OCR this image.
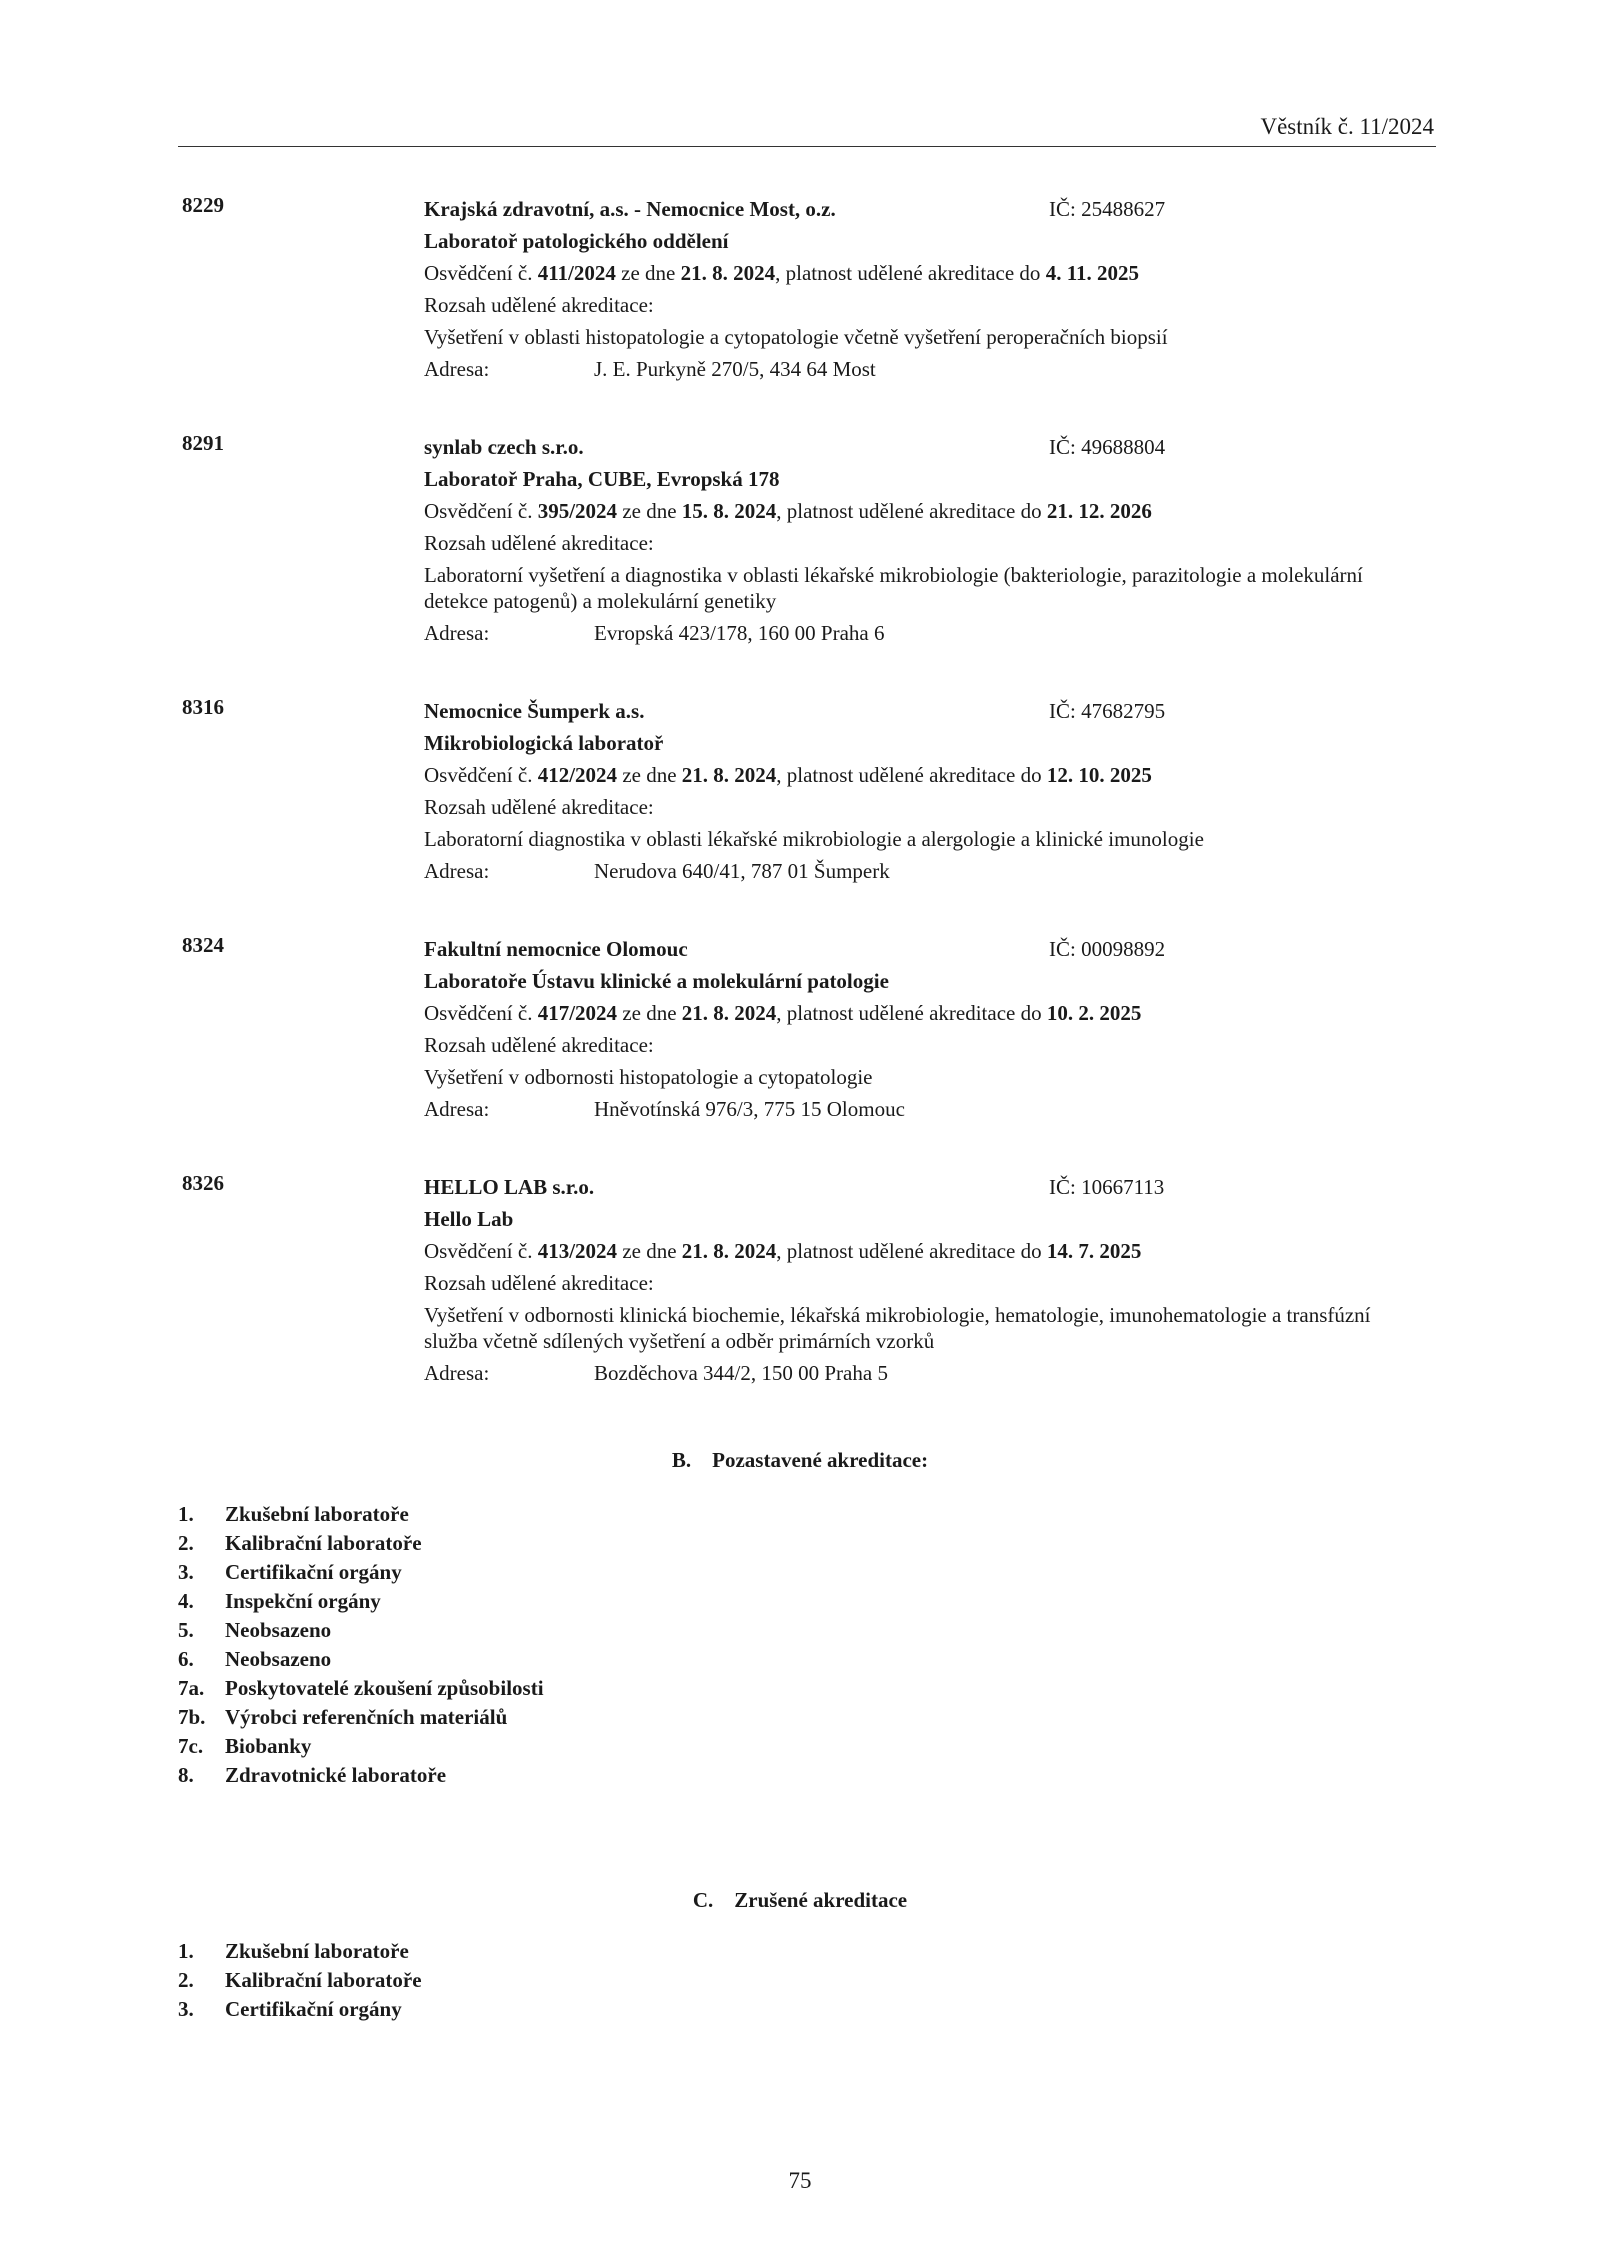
Věstník č. 11/2024
8229	Krajská zdravotní, a.s. - Nemocnice Most, o.z.	IČ: 25488627
Laboratoř patologického oddělení
Osvědčení č. 411/2024 ze dne 21. 8. 2024, platnost udělené akreditace do 4. 11. 2025
Rozsah udělené akreditace:
Vyšetření v oblasti histopatologie a cytopatologie včetně vyšetření peroperačních biopsií
Adresa:	J. E. Purkyně 270/5, 434 64 Most
8291	synlab czech s.r.o.	IČ: 49688804
Laboratoř Praha, CUBE, Evropská 178
Osvědčení č. 395/2024 ze dne 15. 8. 2024, platnost udělené akreditace do 21. 12. 2026
Rozsah udělené akreditace:
Laboratorní vyšetření a diagnostika v oblasti lékařské mikrobiologie (bakteriologie, parazitologie a molekulární detekce patogenů) a molekulární genetiky
Adresa:	Evropská 423/178, 160 00 Praha 6
8316	Nemocnice Šumperk a.s.	IČ: 47682795
Mikrobiologická laboratoř
Osvědčení č. 412/2024 ze dne 21. 8. 2024, platnost udělené akreditace do 12. 10. 2025
Rozsah udělené akreditace:
Laboratorní diagnostika v oblasti lékařské mikrobiologie a alergologie a klinické imunologie
Adresa:	Nerudova 640/41, 787 01 Šumperk
8324	Fakultní nemocnice Olomouc	IČ: 00098892
Laboratoře Ústavu klinické a molekulární patologie
Osvědčení č. 417/2024 ze dne 21. 8. 2024, platnost udělené akreditace do 10. 2. 2025
Rozsah udělené akreditace:
Vyšetření v odbornosti histopatologie a cytopatologie
Adresa:	Hněvotínská 976/3, 775 15 Olomouc
8326	HELLO LAB s.r.o.	IČ: 10667113
Hello Lab
Osvědčení č. 413/2024 ze dne 21. 8. 2024, platnost udělené akreditace do 14. 7. 2025
Rozsah udělené akreditace:
Vyšetření v odbornosti klinická biochemie, lékařská mikrobiologie, hematologie, imunohematologie a transfúzní služba včetně sdílených vyšetření a odběr primárních vzorků
Adresa:	Bozděchova 344/2, 150 00 Praha 5
B.    Pozastavené akreditace:
1.	Zkušební laboratoře
2.	Kalibrační laboratoře
3.	Certifikační orgány
4.	Inspekční orgány
5.	Neobsazeno
6.	Neobsazeno
7a. Poskytovatelé zkoušení způsobilosti
7b. Výrobci referenčních materiálů
7c.	Biobanky
8.	Zdravotnické laboratoře
C.    Zrušené akreditace
1.	Zkušební laboratoře
2.	Kalibrační laboratoře
3.	Certifikační orgány
75
